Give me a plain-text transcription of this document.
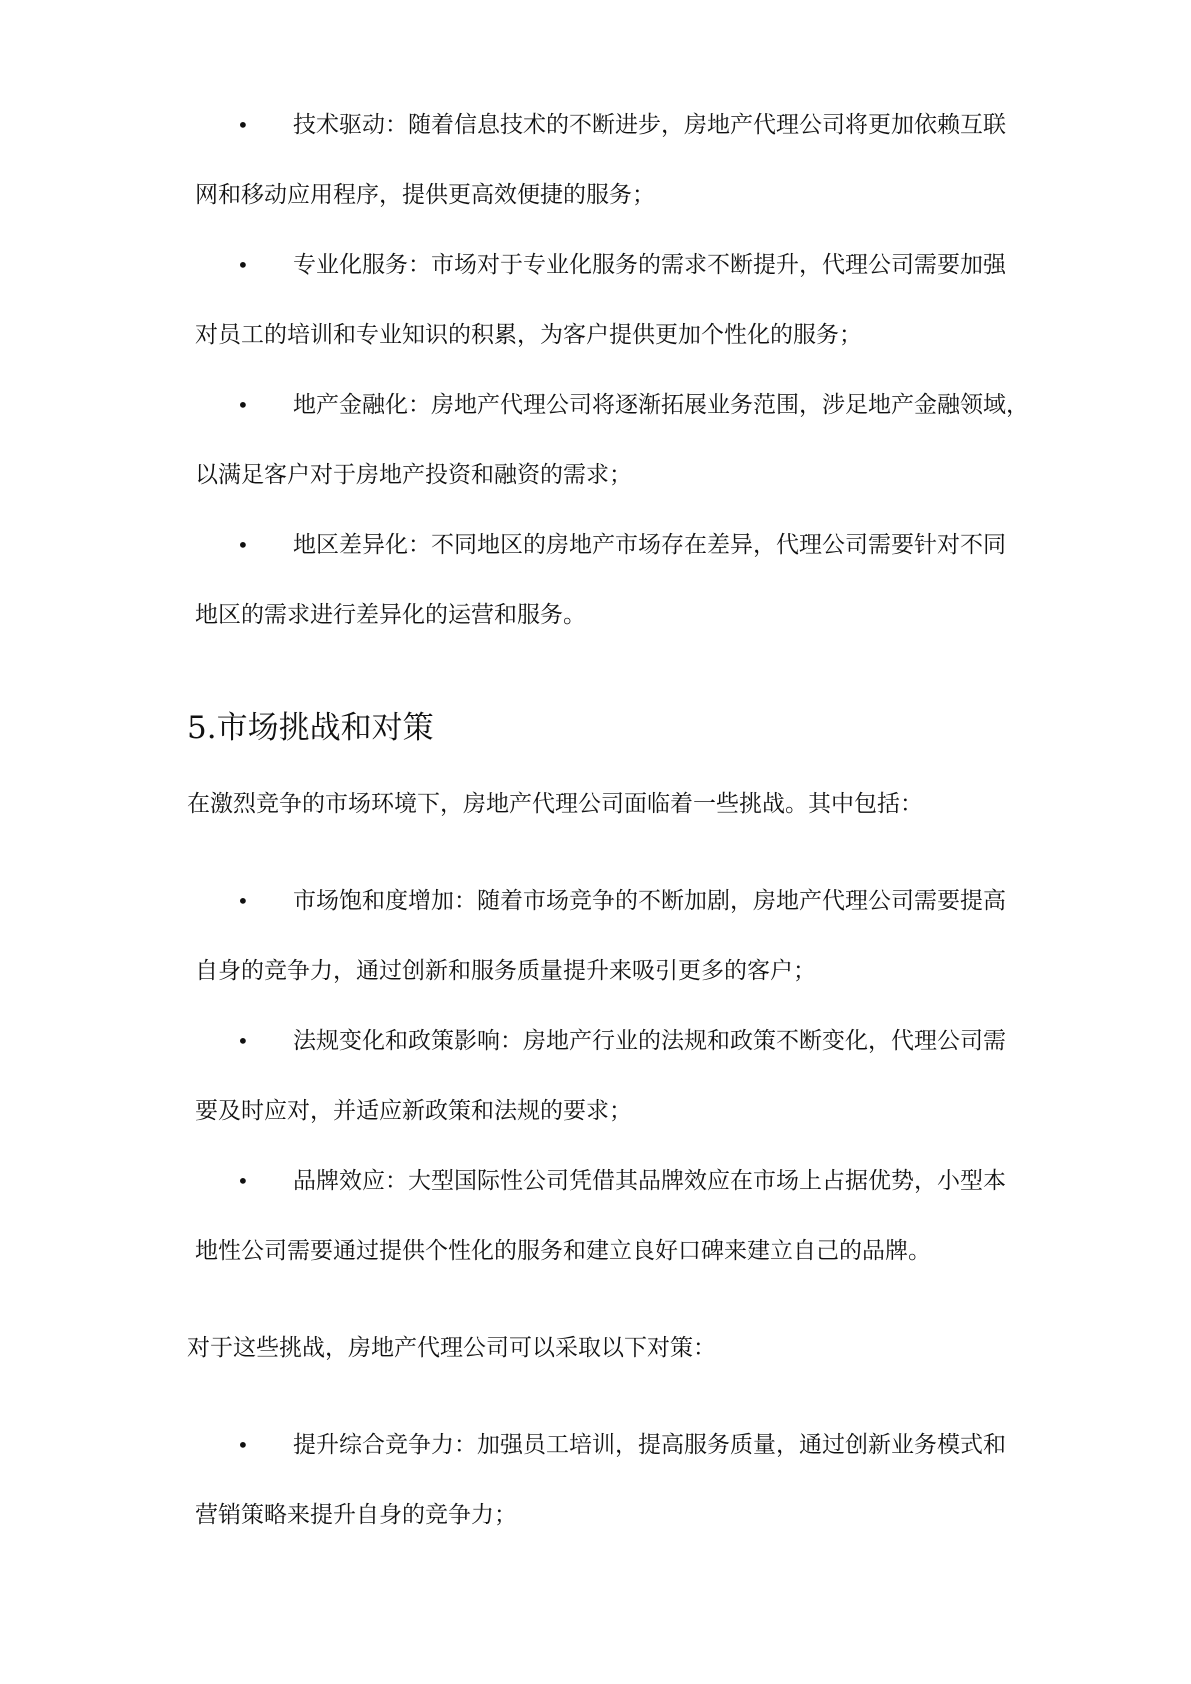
• 技术驱动：随着信息技术的不断进步，房地产代理公司将更加依赖互联
网和移动应用程序，提供更高效便捷的服务；
• 专业化服务：市场对于专业化服务的需求不断提升，代理公司需要加强
对员工的培训和专业知识的积累，为客户提供更加个性化的服务；
• 地产金融化：房地产代理公司将逐渐拓展业务范围，涉足地产金融领域，
以满足客户对于房地产投资和融资的需求；
• 地区差异化：不同地区的房地产市场存在差异，代理公司需要针对不同
地区的需求进行差异化的运营和服务。
5.市场挑战和对策
在激烈竞争的市场环境下，房地产代理公司面临着一些挑战。其中包括：
• 市场饱和度增加：随着市场竞争的不断加剧，房地产代理公司需要提高
自身的竞争力，通过创新和服务质量提升来吸引更多的客户；
• 法规变化和政策影响：房地产行业的法规和政策不断变化，代理公司需
要及时应对，并适应新政策和法规的要求；
• 品牌效应：大型国际性公司凭借其品牌效应在市场上占据优势，小型本
地性公司需要通过提供个性化的服务和建立良好口碑来建立自己的品牌。
对于这些挑战，房地产代理公司可以采取以下对策：
• 提升综合竞争力：加强员工培训，提高服务质量，通过创新业务模式和
营销策略来提升自身的竞争力；
